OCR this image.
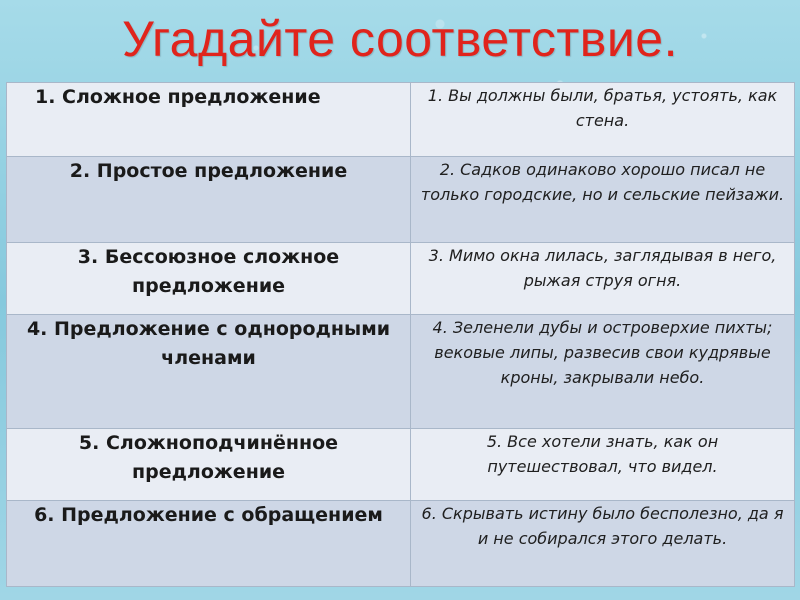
Угадайте соответствие.
1. Сложное предложение	1. Вы должны были, братья, устоять, как стена.
2. Простое предложение	2. Садков одинаково хорошо писал не только городские, но и сельские пейзажи.
3. Бессоюзное сложное предложение	3. Мимо окна лилась, заглядывая в него, рыжая струя огня.
4. Предложение с однородными членами	4. Зеленели дубы и островерхие пихты; вековые липы, развесив свои кудрявые кроны, закрывали небо.
5. Сложноподчинённое предложение	5. Все хотели знать, как он путешествовал, что видел.
6. Предложение с обращением	6. Скрывать истину было бесполезно, да я и не собирался этого делать.
